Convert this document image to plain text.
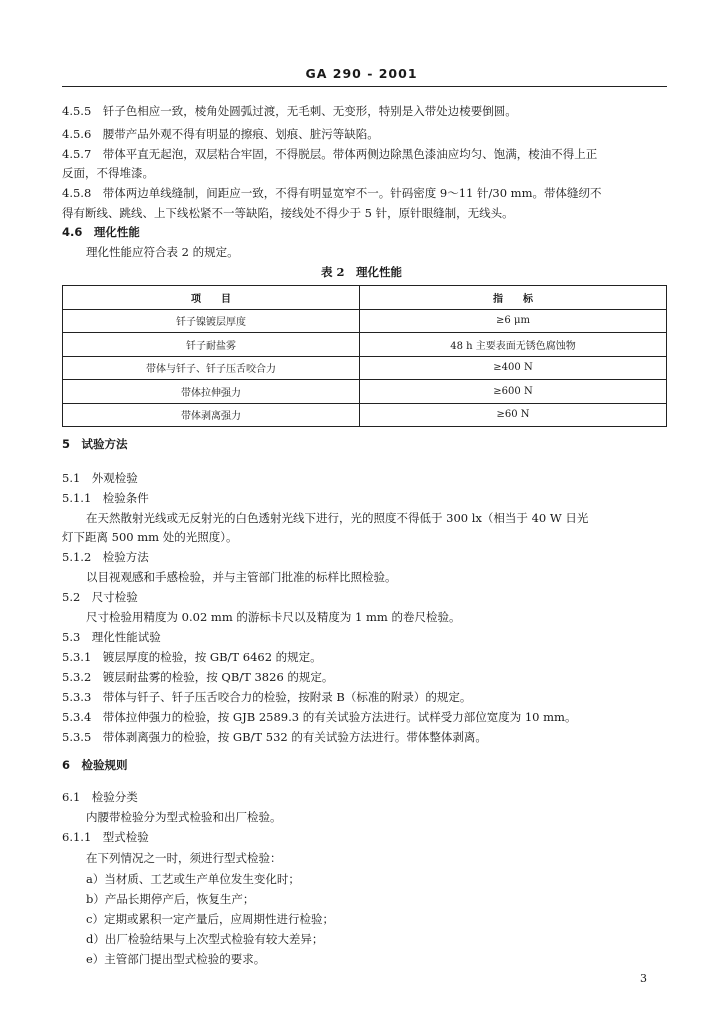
GA 290 - 2001
4.5.5　钎子色相应一致，棱角处圆弧过渡，无毛刺、无变形，特别是入带处边棱要倒圆。
4.5.6　腰带产品外观不得有明显的擦痕、划痕、脏污等缺陷。
4.5.7　带体平直无起泡，双层粘合牢固，不得脱层。带体两侧边除黑色漆油应均匀、饱满，棱油不得上正
反面，不得堆漆。
4.5.8　带体两边单线缝制，间距应一致，不得有明显宽窄不一。针码密度 9～11 针/30 mm。带体缝纫不
得有断线、跳线、上下线松紧不一等缺陷，接线处不得少于 5 针，原针眼缝制，无线头。
4.6　理化性能
理化性能应符合表 2 的规定。
表 2　理化性能
项　　目	指　　标
钎子镍镀层厚度	≥6 μm
钎子耐盐雾	48 h 主要表面无锈色腐蚀物
带体与钎子、钎子压舌咬合力	≥400 N
带体拉伸强力	≥600 N
带体剥离强力	≥60 N
5　试验方法
5.1　外观检验
5.1.1　检验条件
在天然散射光线或无反射光的白色透射光线下进行，光的照度不得低于 300 lx（相当于 40 W 日光
灯下距离 500 mm 处的光照度）。
5.1.2　检验方法
以目视观感和手感检验，并与主管部门批准的标样比照检验。
5.2　尺寸检验
尺寸检验用精度为 0.02 mm 的游标卡尺以及精度为 1 mm 的卷尺检验。
5.3　理化性能试验
5.3.1　镀层厚度的检验，按 GB/T 6462 的规定。
5.3.2　镀层耐盐雾的检验，按 QB/T 3826 的规定。
5.3.3　带体与钎子、钎子压舌咬合力的检验，按附录 B（标准的附录）的规定。
5.3.4　带体拉伸强力的检验，按 GJB 2589.3 的有关试验方法进行。试样受力部位宽度为 10 mm。
5.3.5　带体剥离强力的检验，按 GB/T 532 的有关试验方法进行。带体整体剥离。
6　检验规则
6.1　检验分类
内腰带检验分为型式检验和出厂检验。
6.1.1　型式检验
在下列情况之一时，须进行型式检验：
a）当材质、工艺或生产单位发生变化时；
b）产品长期停产后，恢复生产；
c）定期或累积一定产量后，应周期性进行检验；
d）出厂检验结果与上次型式检验有较大差异；
e）主管部门提出型式检验的要求。
3
